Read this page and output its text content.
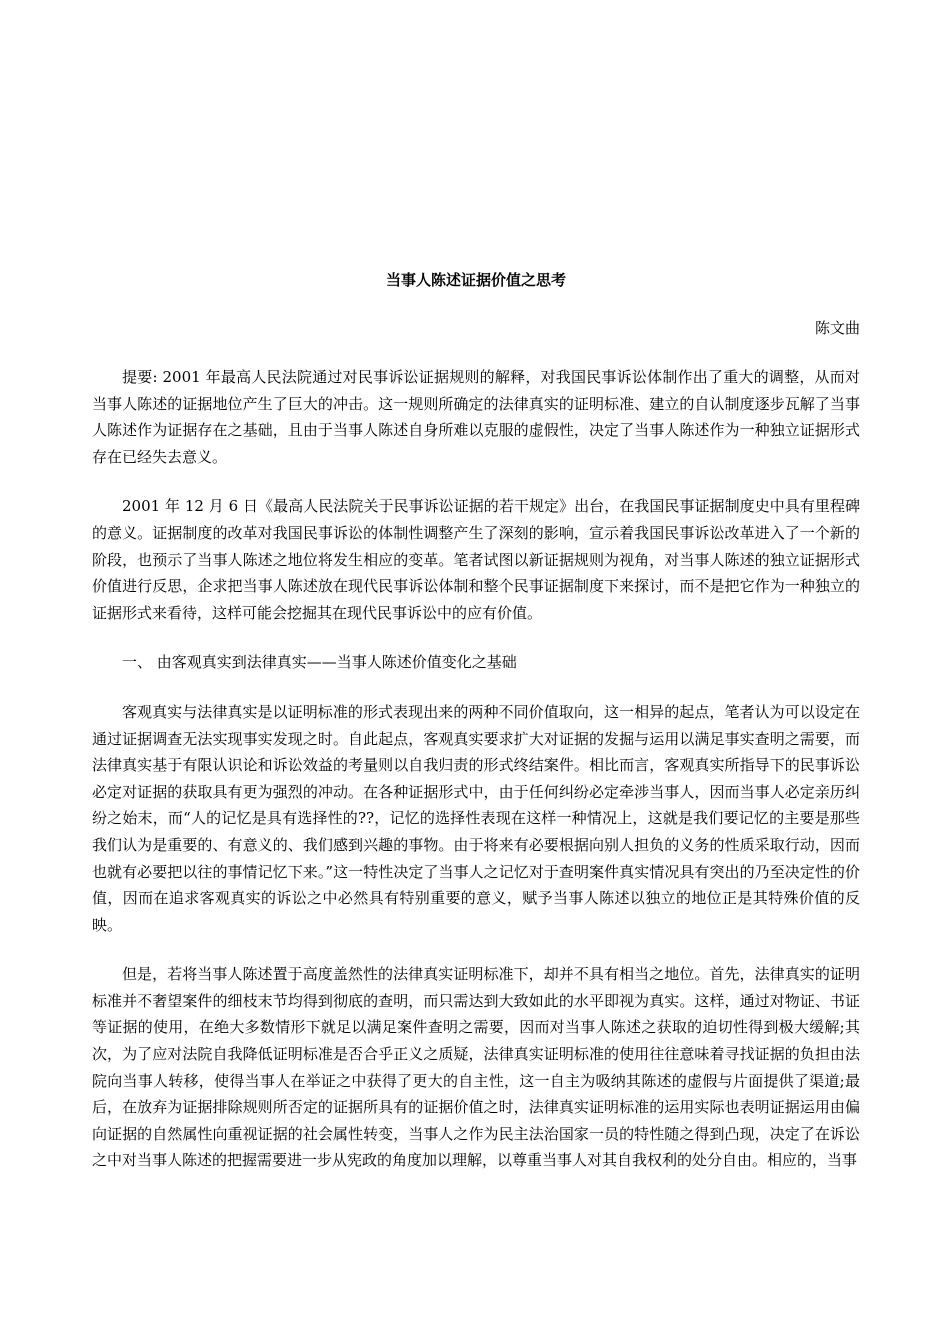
当事人陈述证据价值之思考
陈文曲

提要: 2001 年最高人民法院通过对民事诉讼证据规则的解释，对我国民事诉讼体制作出了重大的调整，从而对当事人陈述的证据地位产生了巨大的冲击。这一规则所确定的法律真实的证明标准、建立的自认制度逐步瓦解了当事人陈述作为证据存在之基础，且由于当事人陈述自身所难以克服的虚假性，决定了当事人陈述作为一种独立证据形式存在已经失去意义。

2001 年 12 月 6 日《最高人民法院关于民事诉讼证据的若干规定》出台，在我国民事证据制度史中具有里程碑的意义。证据制度的改革对我国民事诉讼的体制性调整产生了深刻的影响，宣示着我国民事诉讼改革进入了一个新的阶段，也预示了当事人陈述之地位将发生相应的变革。笔者试图以新证据规则为视角，对当事人陈述的独立证据形式价值进行反思，企求把当事人陈述放在现代民事诉讼体制和整个民事证据制度下来探讨，而不是把它作为一种独立的证据形式来看待，这样可能会挖掘其在现代民事诉讼中的应有价值。

一、 由客观真实到法律真实——当事人陈述价值变化之基础

客观真实与法律真实是以证明标准的形式表现出来的两种不同价值取向，这一相异的起点，笔者认为可以设定在通过证据调查无法实现事实发现之时。自此起点，客观真实要求扩大对证据的发掘与运用以满足事实查明之需要，而法律真实基于有限认识论和诉讼效益的考量则以自我归责的形式终结案件。相比而言，客观真实所指导下的民事诉讼必定对证据的获取具有更为强烈的冲动。在各种证据形式中，由于任何纠纷必定牵涉当事人，因而当事人必定亲历纠纷之始末，而“人的记忆是具有选择性的??，记忆的选择性表现在这样一种情况上，这就是我们要记忆的主要是那些我们认为是重要的、有意义的、我们感到兴趣的事物。由于将来有必要根据向别人担负的义务的性质采取行动，因而也就有必要把以往的事情记忆下来。”这一特性决定了当事人之记忆对于查明案件真实情况具有突出的乃至决定性的价值，因而在追求客观真实的诉讼之中必然具有特别重要的意义，赋予当事人陈述以独立的地位正是其特殊价值的反映。

但是，若将当事人陈述置于高度盖然性的法律真实证明标准下，却并不具有相当之地位。首先，法律真实的证明标准并不奢望案件的细枝末节均得到彻底的查明，而只需达到大致如此的水平即视为真实。这样，通过对物证、书证等证据的使用，在绝大多数情形下就足以满足案件查明之需要，因而对当事人陈述之获取的迫切性得到极大缓解;其次，为了应对法院自我降低证明标准是否合乎正义之质疑，法律真实证明标准的使用往往意味着寻找证据的负担由法院向当事人转移，使得当事人在举证之中获得了更大的自主性，这一自主为吸纳其陈述的虚假与片面提供了渠道;最后，在放弃为证据排除规则所否定的证据所具有的证据价值之时，法律真实证明标准的运用实际也表明证据运用由偏向证据的自然属性向重视证据的社会属性转变，当事人之作为民主法治国家一员的特性随之得到凸现，决定了在诉讼之中对当事人陈述的把握需要进一步从宪政的角度加以理解，以尊重当事人对其自我权利的处分自由。相应的，当事
